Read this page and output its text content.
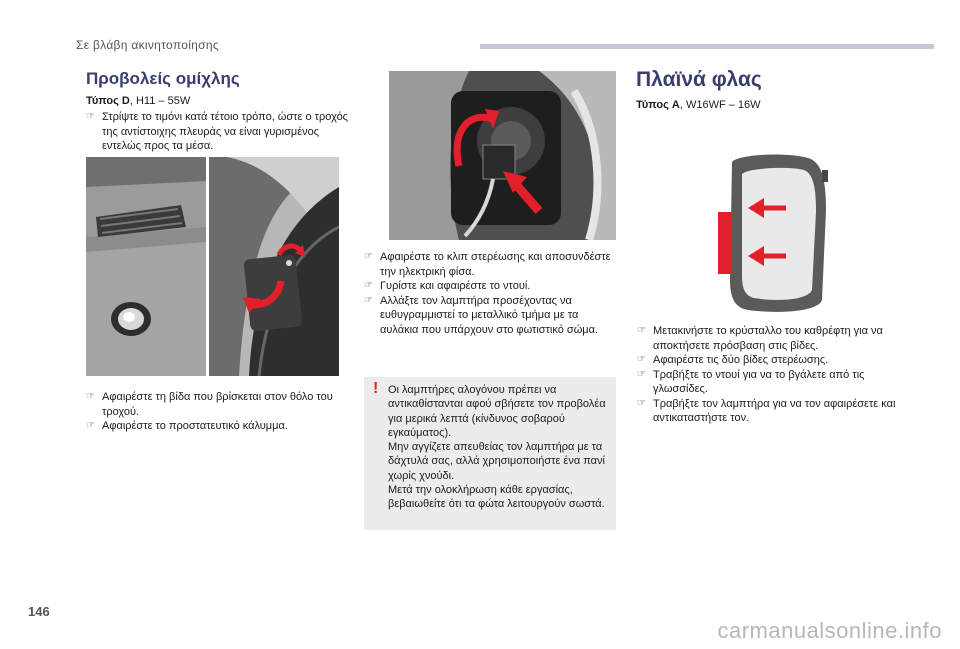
Σε βλάβη ακινητοποίησης
Προβολείς ομίχλης
Τύπος D, H11 – 55W
☞ Στρίψτε το τιμόνι κατά τέτοιο τρόπο, ώστε ο τροχός της αντίστοιχης πλευράς να είναι γυρισμένος εντελώς προς τα μέσα.
☞ Αφαιρέστε τη βίδα που βρίσκεται στον θόλο του τροχού.
☞ Αφαιρέστε το προστατευτικό κάλυμμα.
☞ Αφαιρέστε το κλιπ στερέωσης και αποσυνδέστε την ηλεκτρική φίσα.
☞ Γυρίστε και αφαιρέστε το ντουί.
☞ Αλλάξτε τον λαμπτήρα προσέχοντας να ευθυγραμμιστεί το μεταλλικό τμήμα με τα αυλάκια που υπάρχουν στο φωτιστικό σώμα.
! Οι λαμπτήρες αλογόνου πρέπει να αντικαθίστανται αφού σβήσετε τον προβολέα για μερικά λεπτά (κίνδυνος σοβαρού εγκαύματος).
Μην αγγίζετε απευθείας τον λαμπτήρα με τα δάχτυλά σας, αλλά χρησιμοποιήστε ένα πανί χωρίς χνούδι.
Μετά την ολοκλήρωση κάθε εργασίας, βεβαιωθείτε ότι τα φώτα λειτουργούν σωστά.
Πλαϊνά φλας
Τύπος A, W16WF – 16W
☞ Μετακινήστε το κρύσταλλο του καθρέφτη για να αποκτήσετε πρόσβαση στις βίδες.
☞ Αφαιρέστε τις δύο βίδες στερέωσης.
☞ Τραβήξτε το ντουί για να το βγάλετε από τις γλωσσίδες.
☞ Τραβήξτε τον λαμπτήρα για να τον αφαιρέσετε και αντικαταστήστε τον.
146
carmanualsonline.info
